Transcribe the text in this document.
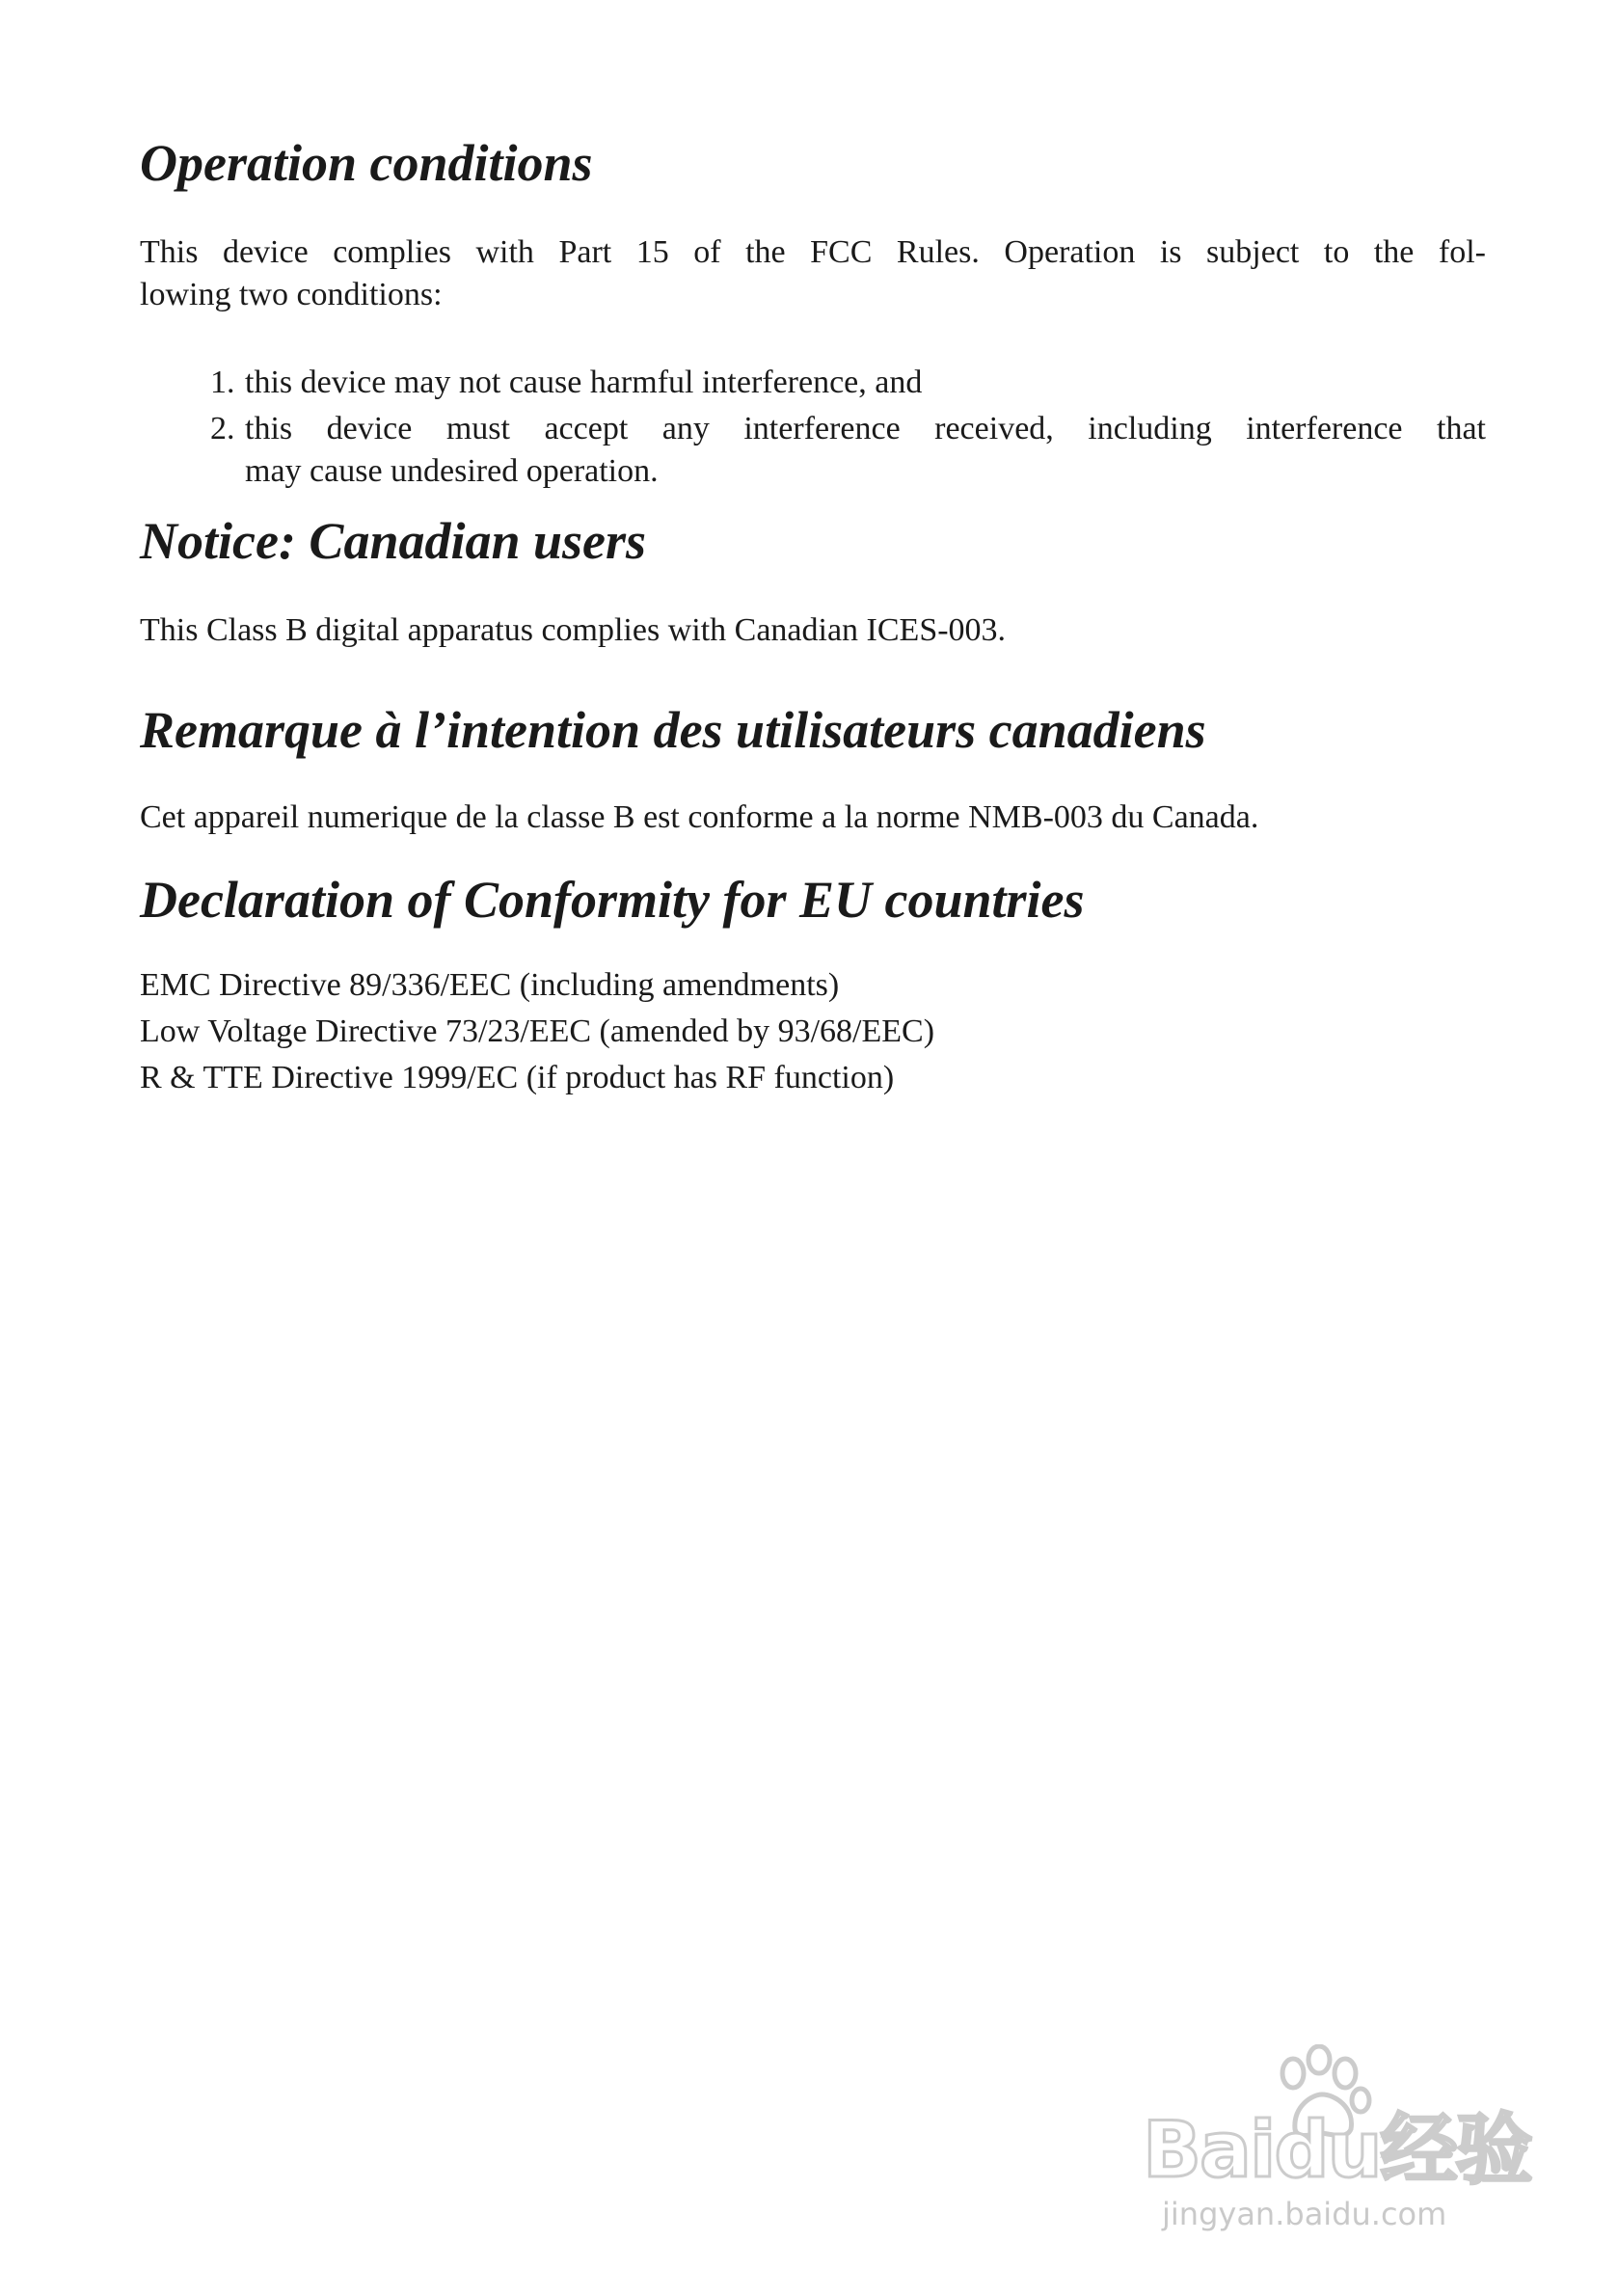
Operation conditions

This device complies with Part 15 of the FCC Rules. Operation is subject to the fol-
lowing two conditions:

1. this device may not cause harmful interference, and
2. this device must accept any interference received, including interference that
may cause undesired operation.
Notice: Canadian users

This Class B digital apparatus complies with Canadian ICES-003.

Remarque à l’intention des utilisateurs canadiens

Cet appareil numerique de la classe B est conforme a la norme NMB-003 du Canada.

Declaration of Conformity for EU countries
EMC Directive 89/336/EEC (including amendments)
Low Voltage Directive 73/23/EEC (amended by 93/68/EEC)
R & TTE Directive 1999/EC (if product has RF function)
Baidu经验
jingyan.baidu.com
